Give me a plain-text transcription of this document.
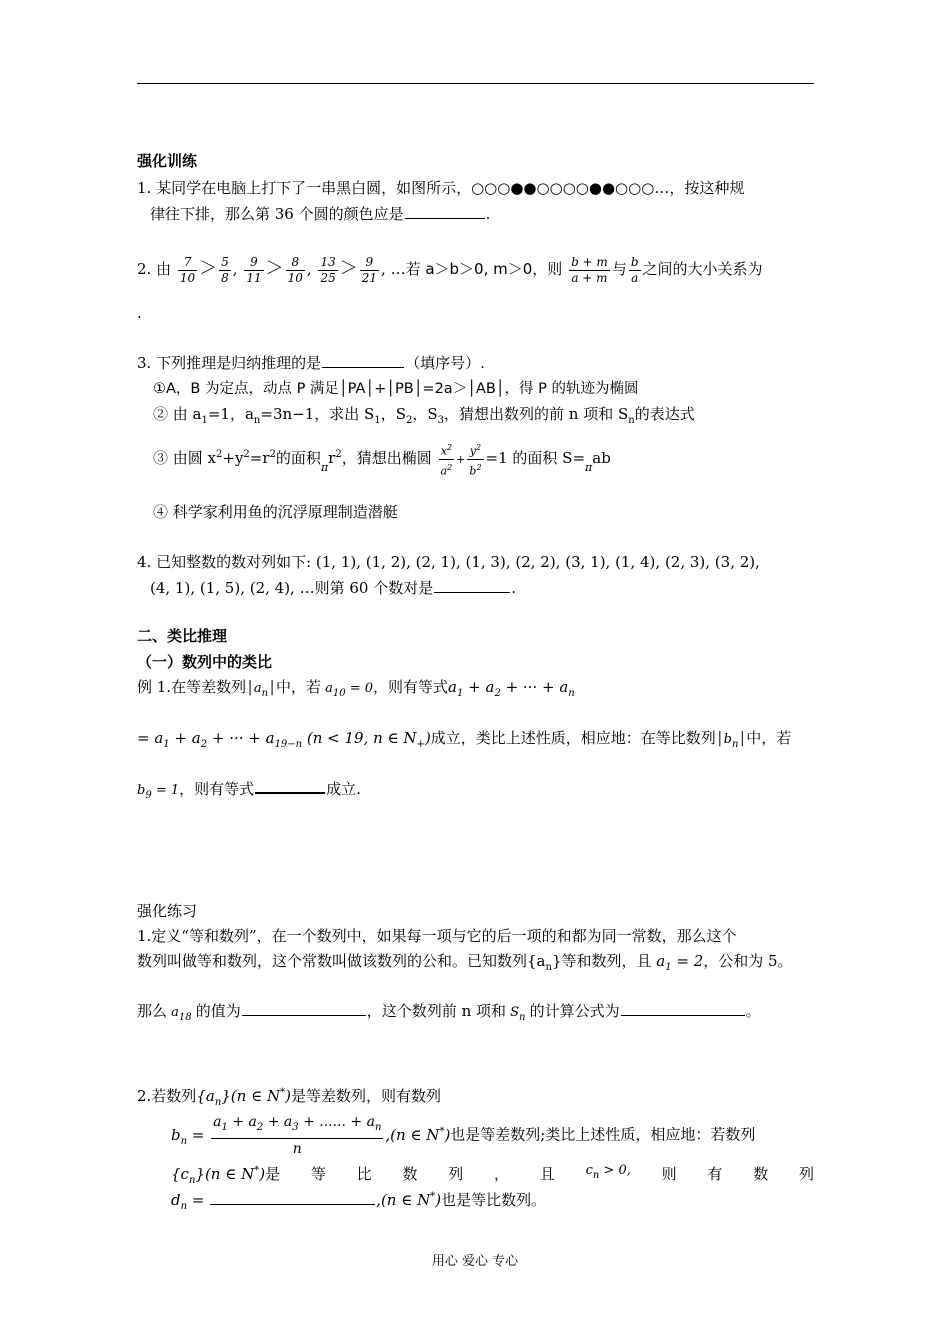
强化训练
1. 某同学在电脑上打下了一串黑白圆，如图所示，○○○●●○○○○●●○○○…，按这种规
律往下排，那么第 36 个圆的颜色应是	.
2. 由 $\frac{7}{10} > \frac{5}{8}$ , $\frac{9}{11} > \frac{8}{10}$ , $\frac{13}{25} > \frac{9}{21}$ , …若 a＞b＞0, m＞0，则 $\frac{b + m}{a + m}$ 与 $\frac{b}{a}$ 之间的大小关系为
.
3. 下列推理是归纳推理的是	（填序号）.
①A，B 为定点，动点 P 满足│PA│+│PB│=2a＞│AB│，得 P 的轨迹为椭圆
② 由 $a_1=1$，$a_n=3n-1$，求出 $S_1$，$S_2$，$S_3$，猜想出数列的前 n 项和 $S_n$的表达式
③ 由圆 $x^2+y^2=r^2$的面积$_\pi r^2$，猜想出椭圆 $\frac{x^2}{a^2} + \frac{y^2}{b^2} =1$ 的面积 $S=_\pi ab$
④ 科学家利用鱼的沉浮原理制造潜艇
4. 已知整数的数对列如下: (1, 1), (1, 2), (2, 1), (1, 3), (2, 2), (3, 1), (1, 4), (2, 3), (3, 2),
(4, 1), (1, 5), (2, 4), …则第 60 个数对是	.
二、类比推理
（一）数列中的类比
例 1.在等差数列$│a_n│$中，若 $a_{10} = 0$，则有等式$a_1 + a_2$ + ··· + $a_n$
= $a_1 + a_2$ + ··· + $a_{19-n}$ (n < 19, n ∈ $N_+$)成立，类比上述性质，相应地：在等比数列$│b_n│$中，若
$b_9 = 1$，则有等式	成立.
强化练习
1.定义“等和数列”，在一个数列中，如果每一项与它的后一项的和都为同一常数，那么这个
数列叫做等和数列，这个常数叫做该数列的公和。已知数列$\{a_n\}$等和数列，且 $a_1 = 2$，公和为 5。
那么 $a_{18}$ 的值为	，这个数列前 n 项和 $S_n$ 的计算公式为	。
2.若数列$\{a_n\}(n$ ∈ N*)是等差数列，则有数列
$b_n = \frac{a_1 + a_2 + a_3 + ...... + a_n}{n} ,(n$ ∈ N*)也是等差数列;类比上述性质，相应地：若数列
$\{c_n\}(n$ ∈ N*)是 等 比 数 列 ， 且 $c_n > 0$, 则 有 数 列
$d_n$ =	,(n ∈ N*)也是等比数列。
用心 爱心 专心
